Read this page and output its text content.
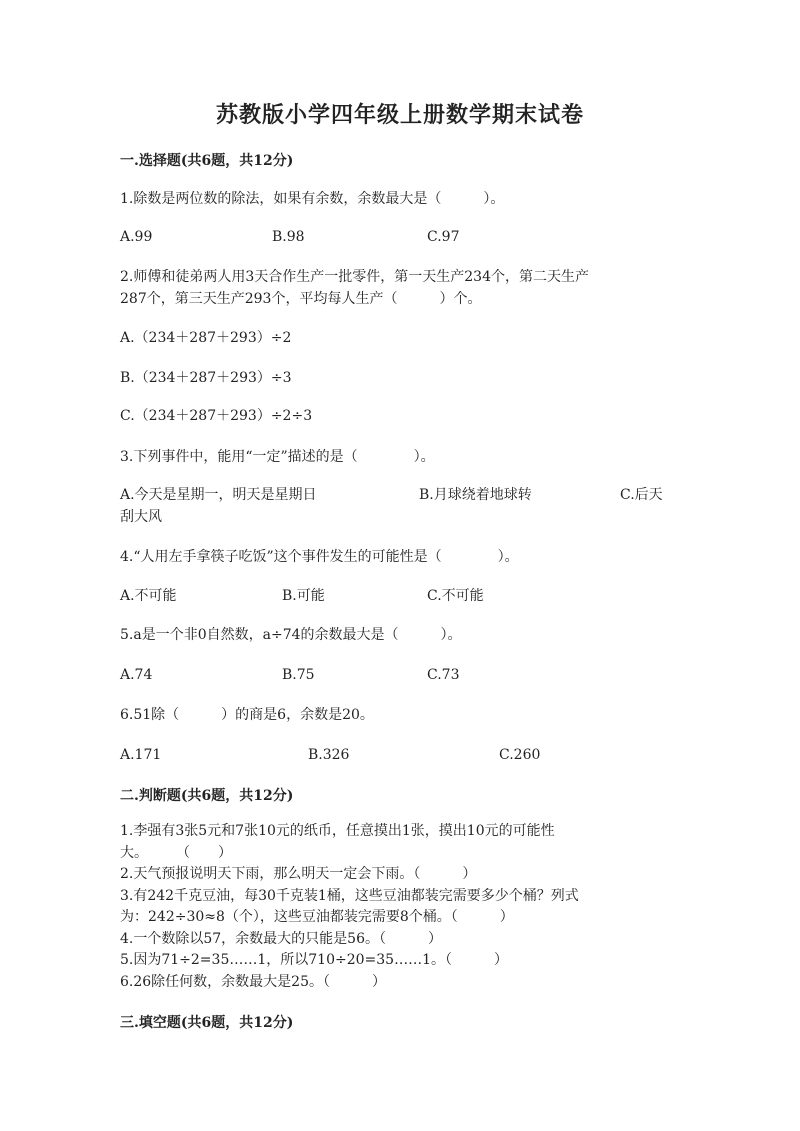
苏教版小学四年级上册数学期末试卷
一.选择题(共6题，共12分)
1.除数是两位数的除法，如果有余数，余数最大是（　　　）。
A.99	B.98	C.97
2.师傅和徒弟两人用3天合作生产一批零件，第一天生产234个，第二天生产
287个，第三天生产293个，平均每人生产（　　　）个。
A.（234＋287＋293）÷2
B.（234＋287＋293）÷3
C.（234＋287＋293）÷2÷3
3.下列事件中，能用“一定”描述的是（　　　　）。
A.今天是星期一，明天是星期日	B.月球绕着地球转	C.后天
刮大风
4.“人用左手拿筷子吃饭”这个事件发生的可能性是（　　　　）。
A.不可能	B.可能	C.不可能
5.a是一个非0自然数，a÷74的余数最大是（　　　）。
A.74	B.75	C.73
6.51除（　　　）的商是6，余数是20。
A.171	B.326	C.260
二.判断题(共6题，共12分)
1.李强有3张5元和7张10元的纸币，任意摸出1张，摸出10元的可能性
大。　　　（　　）
2.天气预报说明天下雨，那么明天一定会下雨。（　　　）
3.有242千克豆油，每30千克装1桶，这些豆油都装完需要多少个桶？列式
为：242÷30≈8（个），这些豆油都装完需要8个桶。（　　　）
4.一个数除以57，余数最大的只能是56。（　　　）
5.因为71÷2=35……1，所以710÷20=35……1。（　　　）
6.26除任何数，余数最大是25。（　　　）
三.填空题(共6题，共12分)
